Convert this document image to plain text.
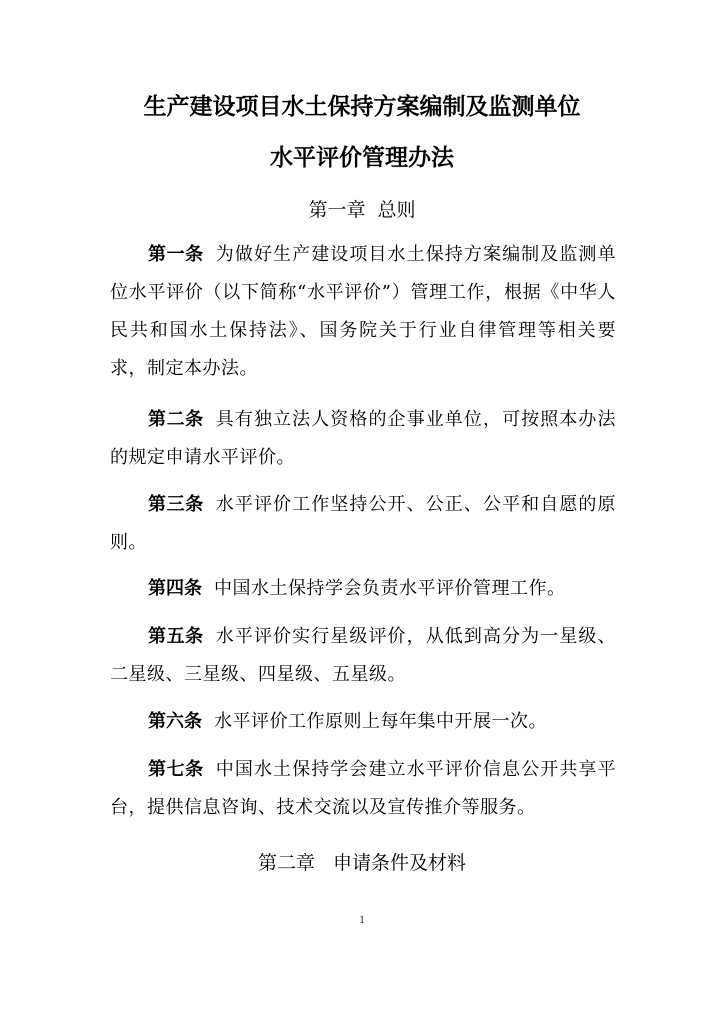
生产建设项目水土保持方案编制及监测单位
水平评价管理办法
第一章  总则

第一条 为做好生产建设项目水土保持方案编制及监测单位水平评价（以下简称“水平评价”）管理工作，根据《中华人民共和国水土保持法》、国务院关于行业自律管理等相关要求，制定本办法。

第二条 具有独立法人资格的企事业单位，可按照本办法的规定申请水平评价。

第三条 水平评价工作坚持公开、公正、公平和自愿的原则。

第四条 中国水土保持学会负责水平评价管理工作。

第五条 水平评价实行星级评价，从低到高分为一星级、二星级、三星级、四星级、五星级。

第六条 水平评价工作原则上每年集中开展一次。

第七条 中国水土保持学会建立水平评价信息公开共享平台，提供信息咨询、技术交流以及宣传推介等服务。

第二章   申请条件及材料
1
